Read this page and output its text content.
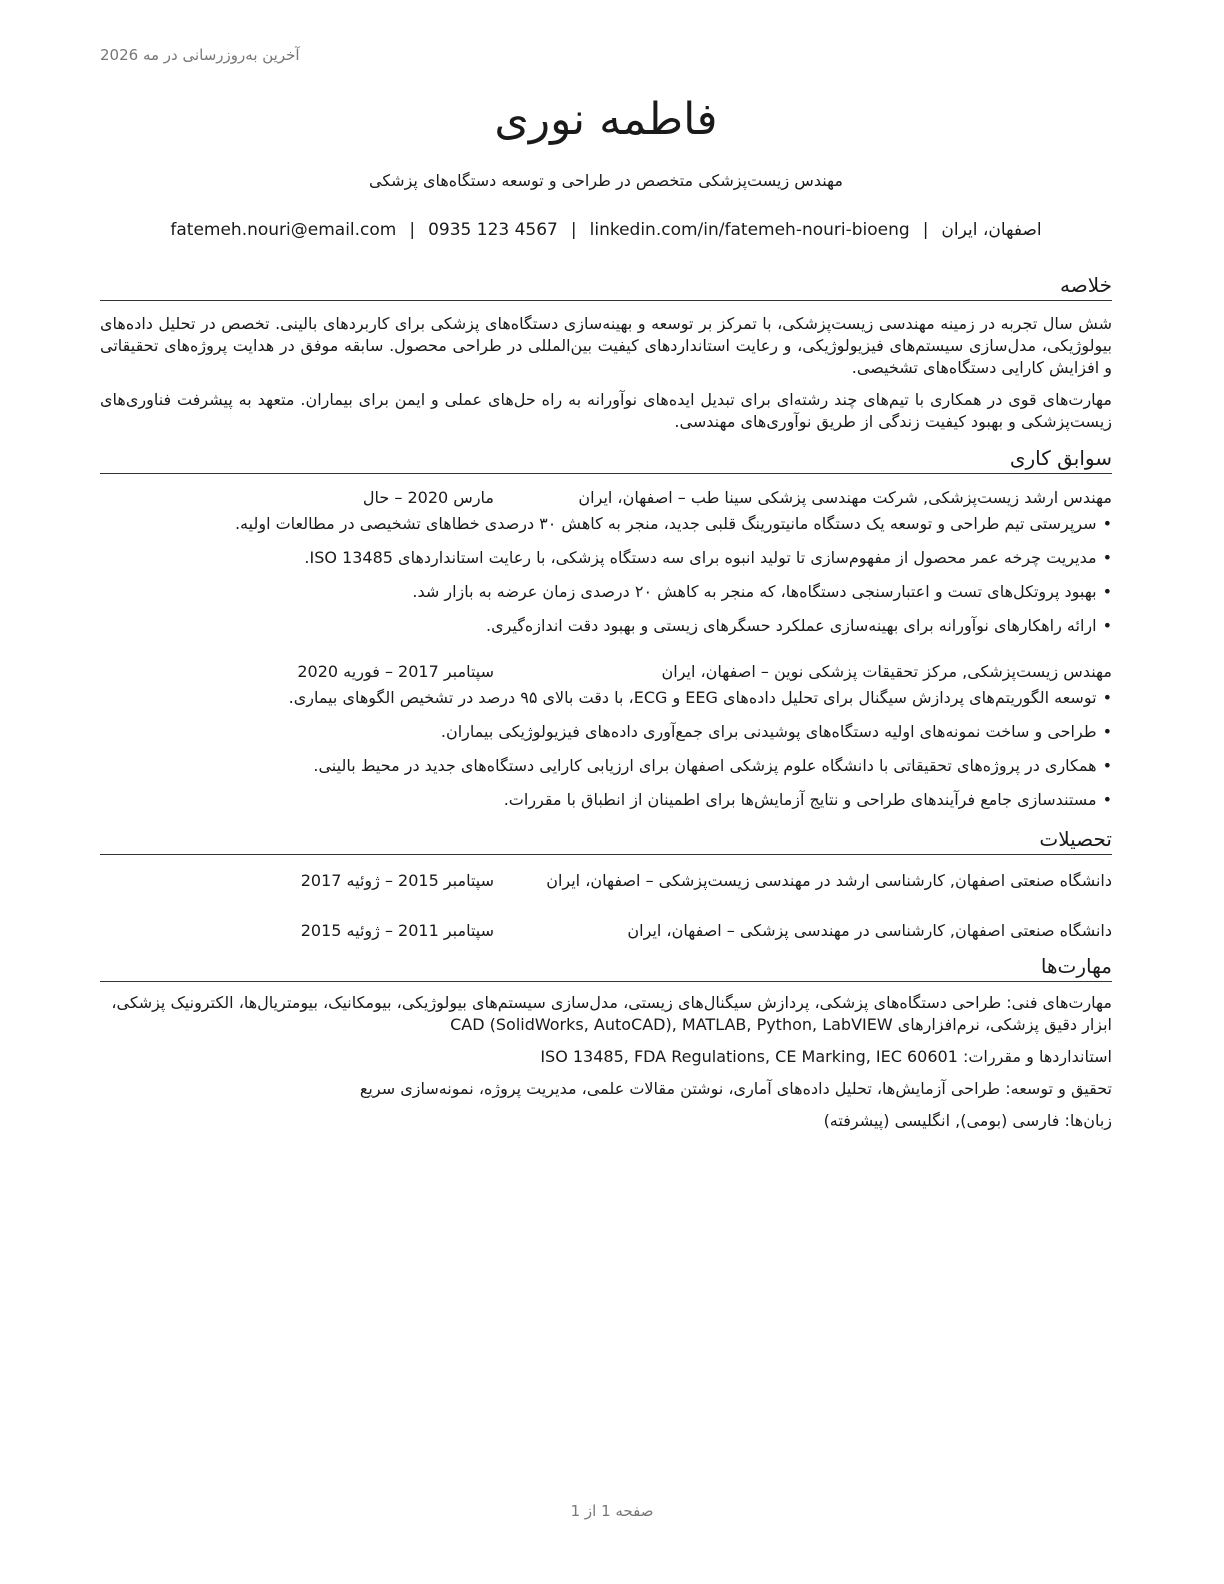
آخرین به‌روزرسانی در مه 2026
فاطمه نوری
مهندس زیست‌پزشکی متخصص در طراحی و توسعه دستگاه‌های پزشکی
اصفهان، ایران|fatemeh.nouri@email.com | 0935 123 4567 | linkedin.com/in/fatemeh-nouri-bioeng
خلاصه

شش سال تجربه در زمینه مهندسی زیست‌پزشکی، با تمرکز بر توسعه و بهینه‌سازی دستگاه‌های پزشکی برای کاربردهای بالینی. تخصص در تحلیل داده‌های بیولوژیکی، مدل‌سازی سیستم‌های فیزیولوژیکی، و رعایت استانداردهای کیفیت بین‌المللی در طراحی محصول. سابقه موفق در هدایت پروژه‌های تحقیقاتی و افزایش کارایی دستگاه‌های تشخیصی.

مهارت‌های قوی در همکاری با تیم‌های چند رشته‌ای برای تبدیل ایده‌های نوآورانه به راه حل‌های عملی و ایمن برای بیماران. متعهد به پیشرفت فناوری‌های زیست‌پزشکی و بهبود کیفیت زندگی از طریق نوآوری‌های مهندسی.

سوابق کاری
مهندس ارشد زیست‌پزشکی, شرکت مهندسی پزشکی سینا طب – اصفهان، ایران
مارس 2020 – حال
•سرپرستی تیم طراحی و توسعه یک دستگاه مانیتورینگ قلبی جدید، منجر به کاهش ۳۰ درصدی خطاهای تشخیصی در مطالعات اولیه.
•مدیریت چرخه عمر محصول از مفهوم‌سازی تا تولید انبوه برای سه دستگاه پزشکی، با رعایت استانداردهای ISO 13485.
•بهبود پروتکل‌های تست و اعتبارسنجی دستگاه‌ها، که منجر به کاهش ۲۰ درصدی زمان عرضه به بازار شد.
•ارائه راهکارهای نوآورانه برای بهینه‌سازی عملکرد حسگرهای زیستی و بهبود دقت اندازه‌گیری.
مهندس زیست‌پزشکی, مرکز تحقیقات پزشکی نوین – اصفهان، ایران
سپتامبر 2017 – فوریه 2020
•توسعه الگوریتم‌های پردازش سیگنال برای تحلیل داده‌های EEG و ECG، با دقت بالای ۹۵ درصد در تشخیص الگوهای بیماری.
•طراحی و ساخت نمونه‌های اولیه دستگاه‌های پوشیدنی برای جمع‌آوری داده‌های فیزیولوژیکی بیماران.
•همکاری در پروژه‌های تحقیقاتی با دانشگاه علوم پزشکی اصفهان برای ارزیابی کارایی دستگاه‌های جدید در محیط بالینی.
•مستندسازی جامع فرآیندهای طراحی و نتایج آزمایش‌ها برای اطمینان از انطباق با مقررات.
تحصیلات
دانشگاه صنعتی اصفهان, کارشناسی ارشد در مهندسی زیست‌پزشکی – اصفهان، ایران
سپتامبر 2015 – ژوئیه 2017
دانشگاه صنعتی اصفهان, کارشناسی در مهندسی پزشکی – اصفهان، ایران
سپتامبر 2011 – ژوئیه 2015
مهارت‌ها
مهارت‌های فنی: طراحی دستگاه‌های پزشکی، پردازش سیگنال‌های زیستی، مدل‌سازی سیستم‌های بیولوژیکی، بیومکانیک، بیومتریال‌ها، الکترونیک پزشکی، ابزار دقیق پزشکی، نرم‌افزارهای CAD (SolidWorks, AutoCAD), MATLAB, Python, LabVIEW
استانداردها و مقررات: ISO 13485, FDA Regulations, CE Marking, IEC 60601
تحقیق و توسعه: طراحی آزمایش‌ها، تحلیل داده‌های آماری، نوشتن مقالات علمی، مدیریت پروژه، نمونه‌سازی سریع
زبان‌ها: فارسی (بومی), انگلیسی (پیشرفته)
صفحه 1 از 1
